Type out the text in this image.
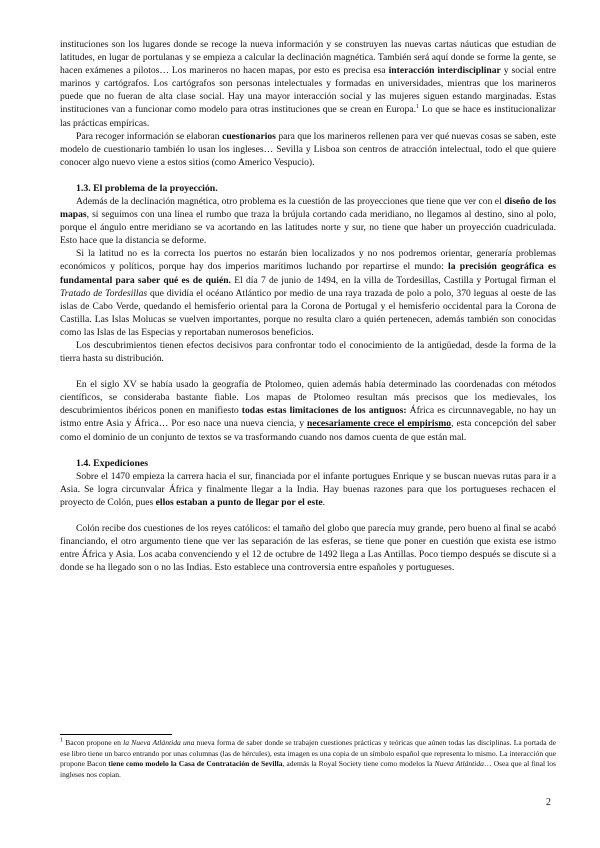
instituciones son los lugares donde se recoge la nueva información y se construyen las nuevas cartas náuticas que estudian de latitudes, en lugar de portulanas y se empieza a calcular la declinación magnética. También será aquí donde se forme la gente, se hacen exámenes a pilotos… Los marineros no hacen mapas, por esto es precisa esa interacción interdisciplinar y social entre marinos y cartógrafos. Los cartógrafos son personas intelectuales y formadas en universidades, mientras que los marineros puede que no fueran de alta clase social. Hay una mayor interacción social y las mujeres siguen estando marginadas. Estas instituciones van a funcionar como modelo para otras instituciones que se crean en Europa.$^1$ Lo que se hace es institucionalizar las prácticas empíricas.

Para recoger información se elaboran cuestionarios para que los marineros rellenen para ver qué nuevas cosas se saben, este modelo de cuestionario también lo usan los ingleses… Sevilla y Lisboa son centros de atracción intelectual, todo el que quiere conocer algo nuevo viene a estos sitios (como Americo Vespucio).

1.3. El problema de la proyección.

Además de la declinación magnética, otro problema es la cuestión de las proyecciones que tiene que ver con el diseño de los mapas, si seguimos con una línea el rumbo que traza la brújula cortando cada meridiano, no llegamos al destino, sino al polo, porque el ángulo entre meridiano se va acortando en las latitudes norte y sur, no tiene que haber un proyección cuadriculada. Esto hace que la distancia se deforme.

Si la latitud no es la correcta los puertos no estarán bien localizados y no nos podremos orientar, generaría problemas económicos y políticos, porque hay dos imperios marítimos luchando por repartirse el mundo: la precisión geográfica es fundamental para saber qué es de quién. El día 7 de junio de 1494, en la villa de Tordesillas, Castilla y Portugal firman el Tratado de Tordesillas que dividía el océano Atlántico por medio de una raya trazada de polo a polo, 370 leguas al oeste de las islas de Cabo Verde, quedando el hemisferio oriental para la Corona de Portugal y el hemisferio occidental para la Corona de Castilla. Las Islas Molucas se vuelven importantes, porque no resulta claro a quién pertenecen, además también son conocidas como las Islas de las Especias y reportaban numerosos beneficios.

Los descubrimientos tienen efectos decisivos para confrontar todo el conocimiento de la antigüedad, desde la forma de la tierra hasta su distribución.

En el siglo XV se había usado la geografía de Ptolomeo, quien además había determinado las coordenadas con métodos científicos, se consideraba bastante fiable. Los mapas de Ptolomeo resultan más precisos que los medievales, los descubrimientos ibéricos ponen en manifiesto todas estas limitaciones de los antiguos: África es circunnavegable, no hay un istmo entre Asia y África… Por eso nace una nueva ciencia, y necesariamente crece el empirismo, esta concepción del saber como el dominio de un conjunto de textos se va trasformando cuando nos damos cuenta de que están mal.

1.4. Expediciones

Sobre el 1470 empieza la carrera hacia el sur, financiada por el infante portugues Enrique y se buscan nuevas rutas para ir a Asia. Se logra circunvalar África y finalmente llegar a la India. Hay buenas razones para que los portugueses rechacen el proyecto de Colón, pues ellos estaban a punto de llegar por el este.

Colón recibe dos cuestiones de los reyes católicos: el tamaño del globo que parecía muy grande, pero bueno al final se acabó financiando, el otro argumento tiene que ver las separación de las esferas, se tiene que poner en cuestión que exista ese istmo entre África y Asia. Los acaba convenciendo y el 12 de octubre de 1492 llega a Las Antillas. Poco tiempo después se discute si a donde se ha llegado son o no las Indias. Esto establece una controversia entre españoles y portugueses.

$^1$ Bacon propone en la Nueva Atlántida una nueva forma de saber donde se trabajen cuestiones prácticas y teóricas que aúnen todas las disciplinas. La portada de ese libro tiene un barco entrando por unas columnas (las de hércules), esta imagen es una copia de un símbolo español que representa lo mismo. La interacción que propone Bacon tiene como modelo la Casa de Contratación de Sevilla, además la Royal Society tiene como modelos la Nueva Atlántida… Osea que al final los ingleses nos copian.
2
